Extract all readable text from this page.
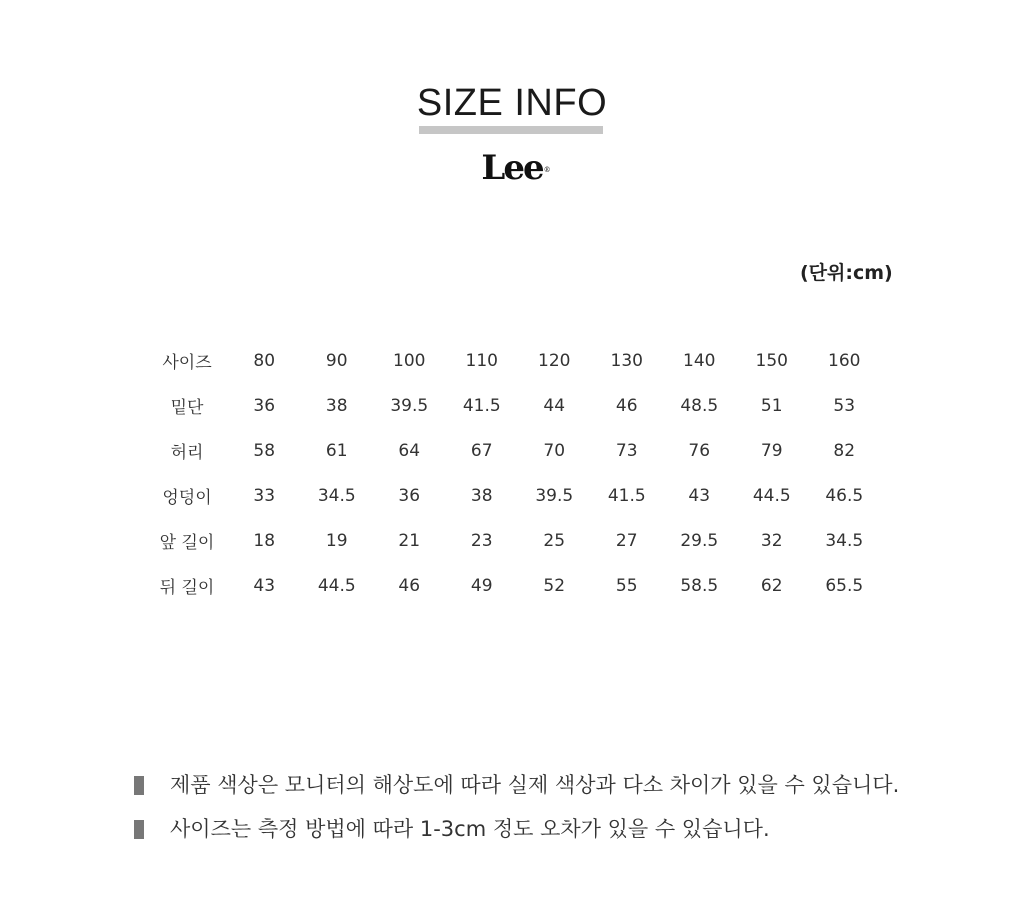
SIZE INFO
Lee ®
(단위:cm)
사이즈	80	90	100	110	120	130	140	150	160
밑단	36	38	39.5	41.5	44	46	48.5	51	53
허리	58	61	64	67	70	73	76	79	82
엉덩이	33	34.5	36	38	39.5	41.5	43	44.5	46.5
앞 길이	18	19	21	23	25	27	29.5	32	34.5
뒤 길이	43	44.5	46	49	52	55	58.5	62	65.5
제품 색상은 모니터의 해상도에 따라 실제 색상과 다소 차이가 있을 수 있습니다.
사이즈는 측정 방법에 따라 1-3cm 정도 오차가 있을 수 있습니다.
